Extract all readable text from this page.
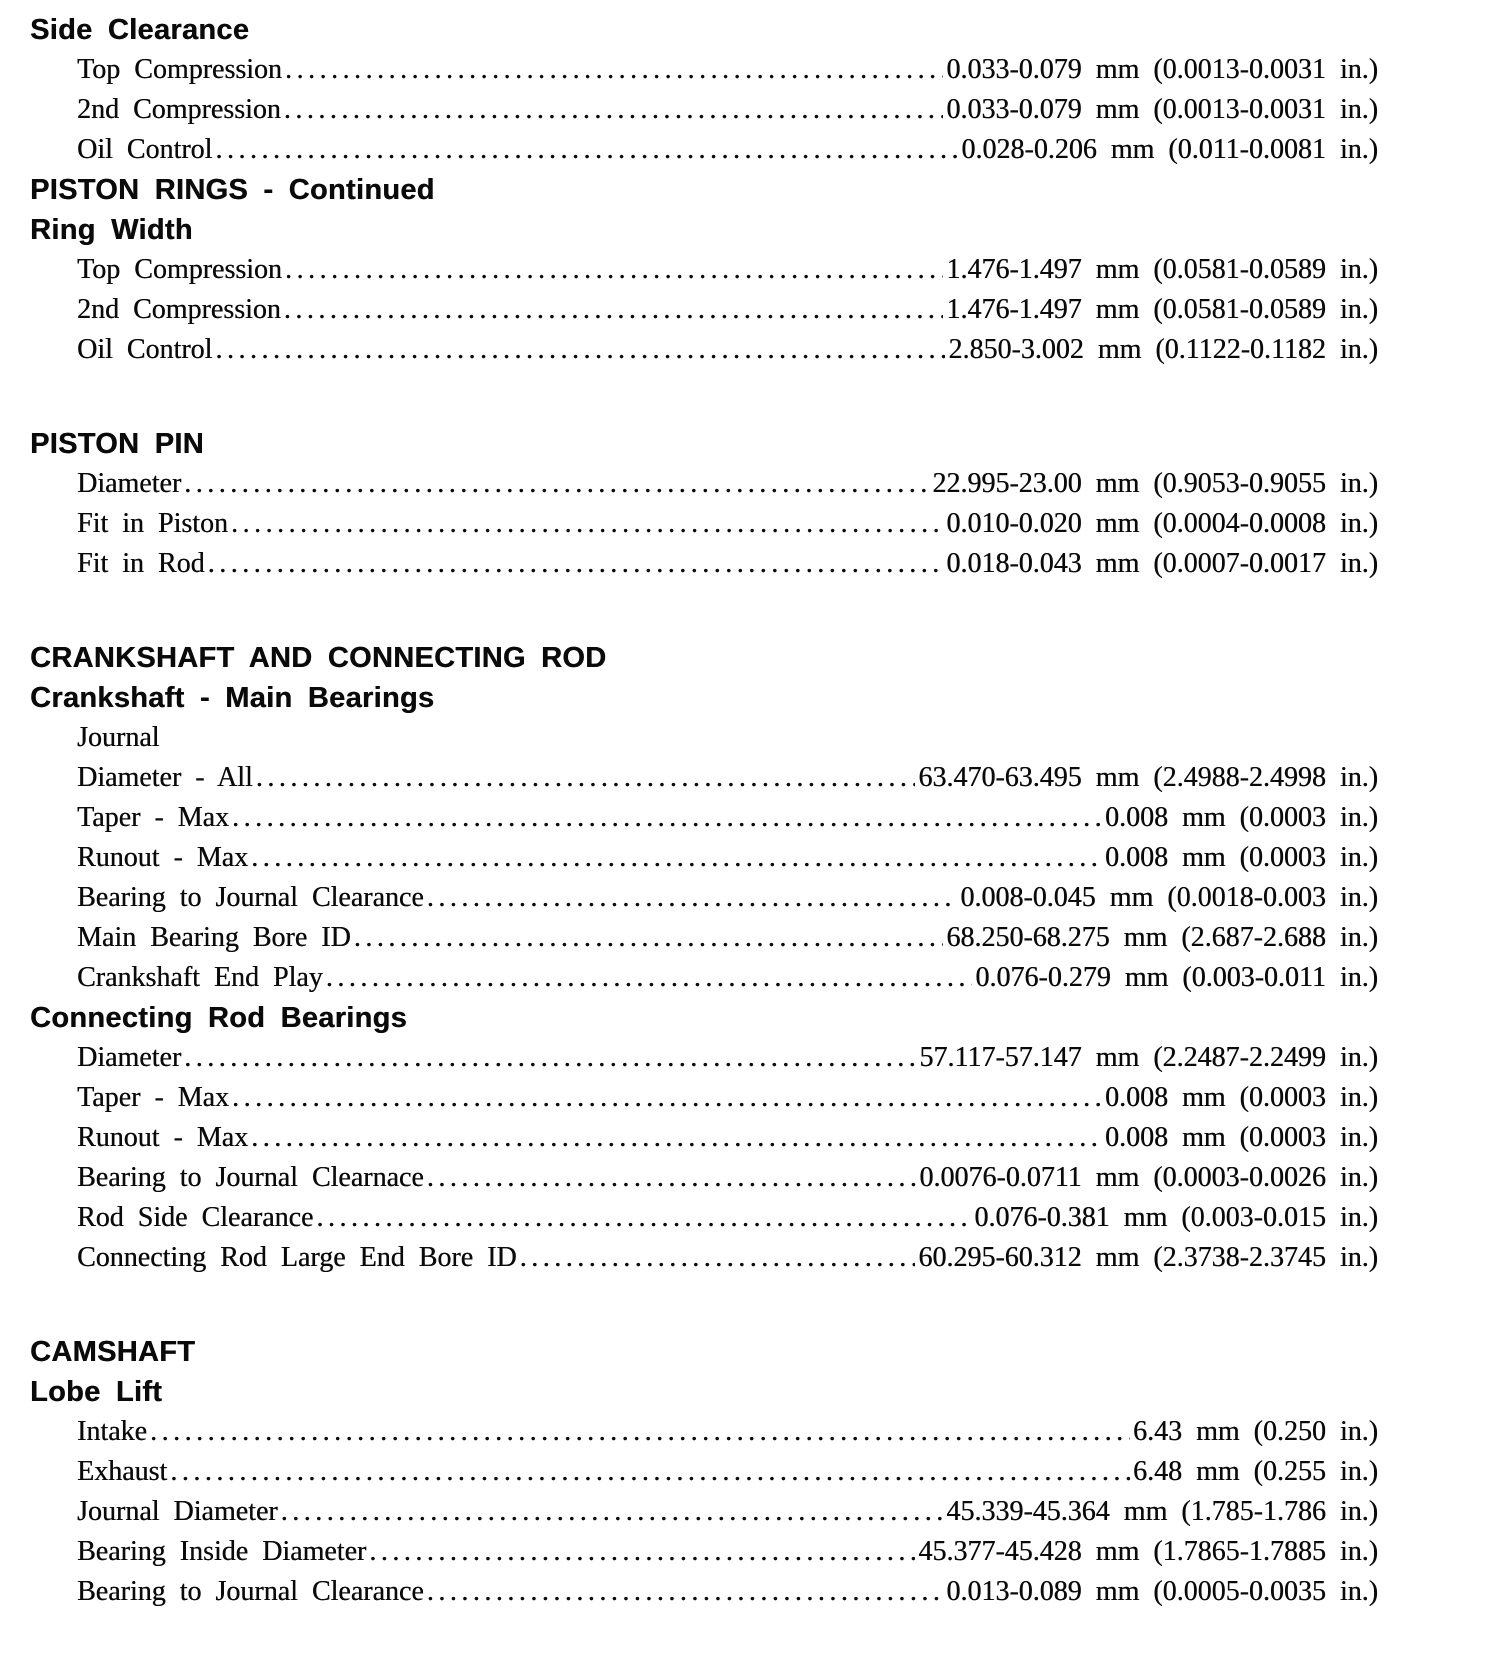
Side Clearance
Top Compression .....	0.033-0.079 mm (0.0013-0.0031 in.)
2nd Compression .....	0.033-0.079 mm (0.0013-0.0031 in.)
Oil Control .....	0.028-0.206 mm (0.011-0.0081 in.)
PISTON RINGS - Continued
Ring Width
Top Compression .....	1.476-1.497 mm (0.0581-0.0589 in.)
2nd Compression .....	1.476-1.497 mm (0.0581-0.0589 in.)
Oil Control .....	2.850-3.002 mm (0.1122-0.1182 in.)
PISTON PIN
Diameter .....	22.995-23.00 mm (0.9053-0.9055 in.)
Fit in Piston .....	0.010-0.020 mm (0.0004-0.0008 in.)
Fit in Rod .....	0.018-0.043 mm (0.0007-0.0017 in.)
CRANKSHAFT AND CONNECTING ROD
Crankshaft - Main Bearings
Journal
Diameter - All .....	63.470-63.495 mm (2.4988-2.4998 in.)
Taper - Max .....	0.008 mm (0.0003 in.)
Runout - Max .....	0.008 mm (0.0003 in.)
Bearing to Journal Clearance .....	0.008-0.045 mm (0.0018-0.003 in.)
Main Bearing Bore ID .....	68.250-68.275 mm (2.687-2.688 in.)
Crankshaft End Play .....	0.076-0.279 mm (0.003-0.011 in.)
Connecting Rod Bearings
Diameter .....	57.117-57.147 mm (2.2487-2.2499 in.)
Taper - Max .....	0.008 mm (0.0003 in.)
Runout - Max .....	0.008 mm (0.0003 in.)
Bearing to Journal Clearnace .....	0.0076-0.0711 mm (0.0003-0.0026 in.)
Rod Side Clearance .....	0.076-0.381 mm (0.003-0.015 in.)
Connecting Rod Large End Bore ID .....	60.295-60.312 mm (2.3738-2.3745 in.)
CAMSHAFT
Lobe Lift
Intake .....	6.43 mm (0.250 in.)
Exhaust .....	6.48 mm (0.255 in.)
Journal Diameter .....	45.339-45.364 mm (1.785-1.786 in.)
Bearing Inside Diameter .....	45.377-45.428 mm (1.7865-1.7885 in.)
Bearing to Journal Clearance .....	0.013-0.089 mm (0.0005-0.0035 in.)
